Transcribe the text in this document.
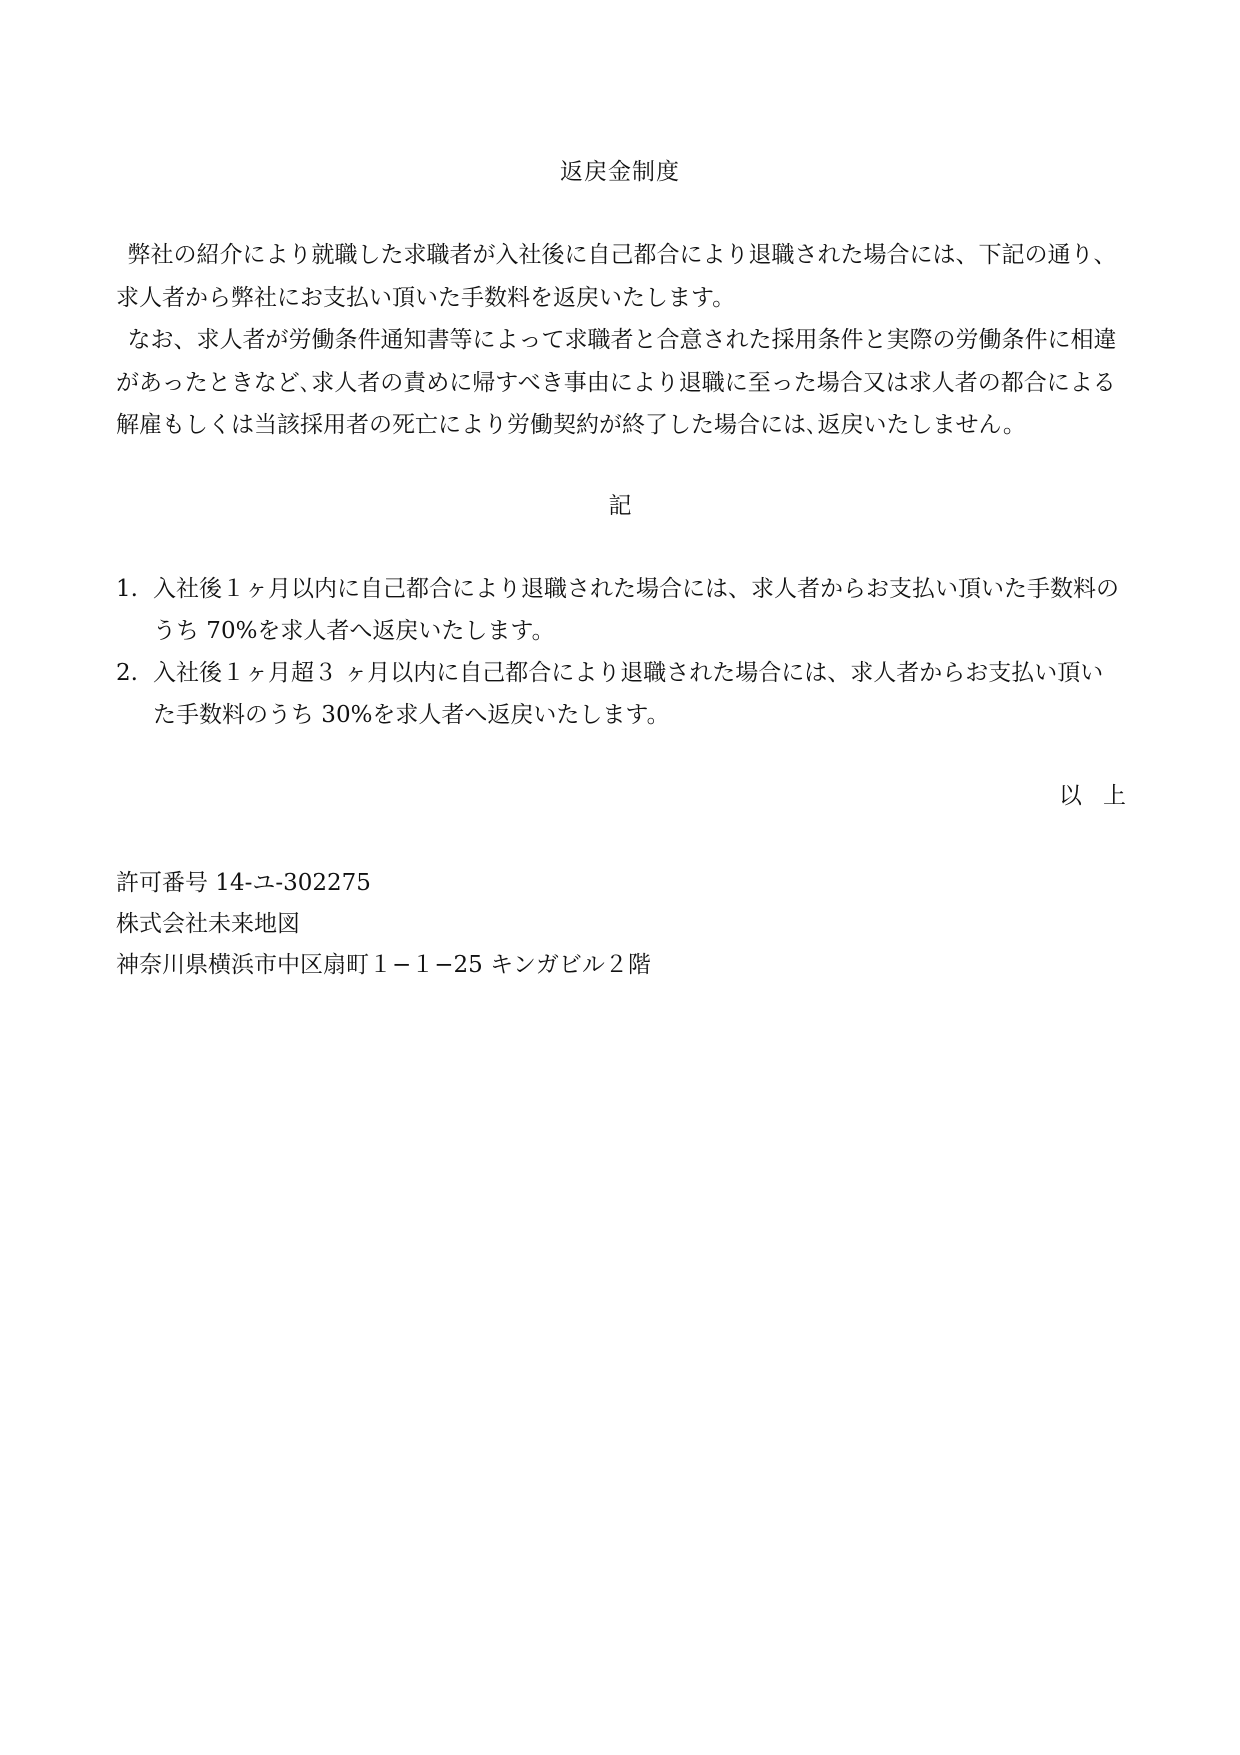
返戻金制度

弊社の紹介により就職した求職者が入社後に自己都合により退職された場合には、下記の通り、求人者から弊社にお支払い頂いた手数料を返戻いたします。

なお、求人者が労働条件通知書等によって求職者と合意された採用条件と実際の労働条件に相違があったときなど､求人者の責めに帰すべき事由により退職に至った場合又は求人者の都合による解雇もしくは当該採用者の死亡により労働契約が終了した場合には､返戻いたしません。

記
1. 入社後１ヶ月以内に自己都合により退職された場合には、求人者からお支払い頂いた手数料のうち 70%を求人者へ返戻いたします。
2. 入社後１ヶ月超３ ヶ月以内に自己都合により退職された場合には、求人者からお支払い頂いた手数料のうち 30%を求人者へ返戻いたします。
以 上
許可番号 14-ユ-302275
株式会社未来地図
神奈川県横浜市中区扇町１−１−25 キンガビル２階
